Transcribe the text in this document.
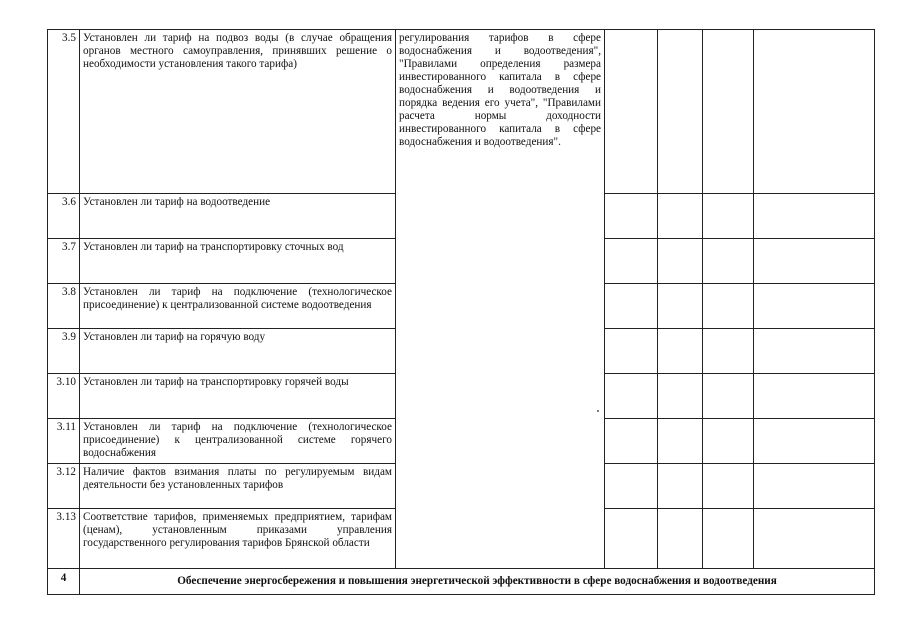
3.5	Установлен ли тариф на подвоз воды (в случае обращения органов местного самоуправления, принявших решение о необходимости установления такого тарифа)	регулирования тарифов в сфере водоснабжения и водоотведения", "Правилами определения размера инвестированного капитала в сфере водоснабжения и водоотведения и порядка ведения его учета", "Правилами расчета нормы доходности инвестированного капитала в сфере водоснабжения и водоотведения".				
3.6	Установлен ли тариф на водоотведение					
3.7	Установлен ли тариф на транспортировку сточных вод					
3.8	Установлен ли тариф на подключение (технологическое присоединение) к централизованной системе водоотведения					
3.9	Установлен ли тариф на горячую воду					
3.10	Установлен ли тариф на транспортировку горячей воды					
3.11	Установлен ли тариф на подключение (технологическое присоединение) к централизованной системе горячего водоснабжения					
3.12	Наличие фактов взимания платы по регулируемым видам деятельности без установленных тарифов					
3.13	Соответствие тарифов, применяемых предприятием, тарифам (ценам), установленным приказами управления государственного регулирования тарифов Брянской области					
4	Обеспечение энергосбережения и повышения энергетической эффективности в сфере водоснабжения и водоотведения					
